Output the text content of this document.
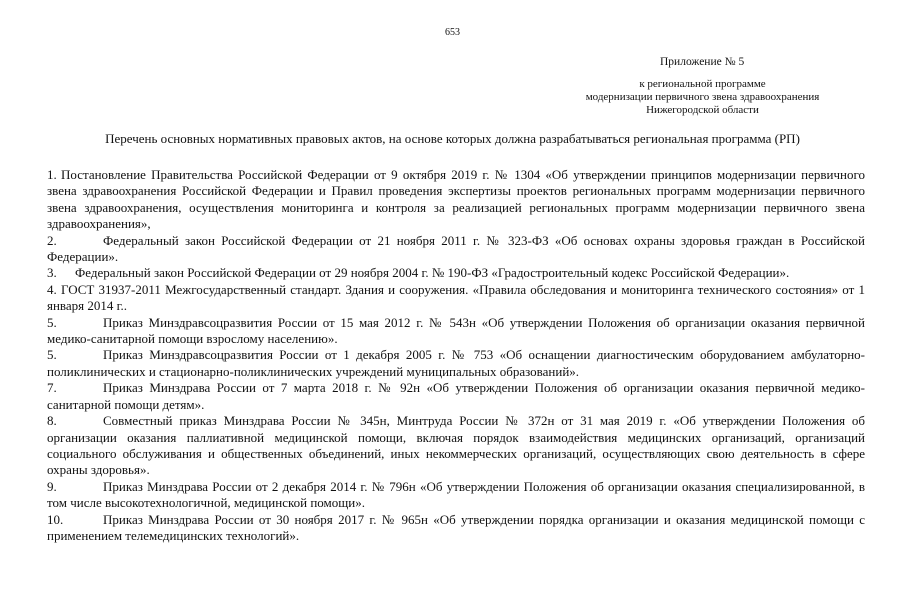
653
Приложение № 5
к региональной программе
модернизации первичного звена здравоохранения
Нижегородской области
Перечень основных нормативных правовых актов, на основе которых должна разрабатываться региональная программа (РП)

1. Постановление Правительства Российской Федерации от 9 октября 2019 г. № 1304 «Об утверждении принципов модернизации первичного звена здравоохранения Российской Федерации и Правил проведения экспертизы проектов региональных программ модернизации первичного звена здравоохранения, осуществления мониторинга и контроля за реализацией региональных программ модернизации первичного звена здравоохранения»,

2.	Федеральный закон Российской Федерации от 21 ноября 2011 г. № 323-ФЗ «Об основах охраны здоровья граждан в Российской Федерации».

3. Федеральный закон Российской Федерации от 29 ноября 2004 г. № 190-ФЗ «Градостроительный кодекс Российской Федерации».

4. ГОСТ 31937-2011 Межгосударственный стандарт. Здания и сооружения. «Правила обследования и мониторинга технического состояния» от 1 января 2014 г..

5.	Приказ Минздравсоцразвития России от 15 мая 2012 г. № 543н «Об утверждении Положения об организации оказания первичной медико-санитарной помощи взрослому населению».

5.	Приказ Минздравсоцразвития России от 1 декабря 2005 г. № 753 «Об оснащении диагностическим оборудованием амбулаторно-поликлинических и стационарно-поликлинических учреждений муниципальных образований».

7.	Приказ Минздрава России от 7 марта 2018 г. № 92н «Об утверждении Положения об организации оказания первичной медико-санитарной помощи детям».

8.	Совместный приказ Минздрава России № 345н, Минтруда России № 372н от 31 мая 2019 г. «Об утверждении Положения об организации оказания паллиативной медицинской помощи, включая порядок взаимодействия медицинских организаций, организаций социального обслуживания и общественных объединений, иных некоммерческих организаций, осуществляющих свою деятельность в сфере охраны здоровья».

9.	Приказ Минздрава России от 2 декабря 2014 г. № 796н «Об утверждении Положения об организации оказания специализированной, в том числе высокотехнологичной, медицинской помощи».

10.	Приказ Минздрава России от 30 ноября 2017 г. № 965н «Об утверждении порядка организации и оказания медицинской помощи с применением телемедицинских технологий».
